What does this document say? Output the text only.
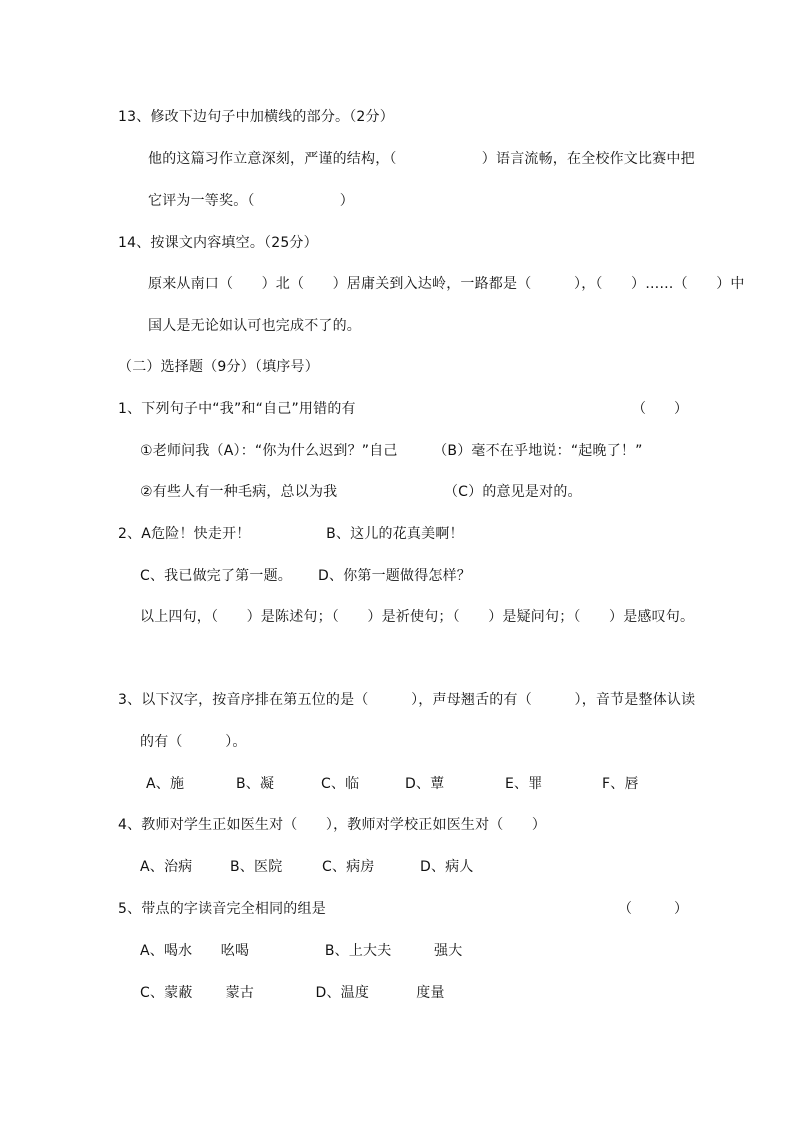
13、修改下边句子中加横线的部分。（2分）
他的这篇习作立意深刻，严谨的结构，（　　　　　　）语言流畅，在全校作文比赛中把
它评为一等奖。（　　　　　　）
14、按课文内容填空。（25分）
原来从南口（　　）北（　　）居庸关到入达岭，一路都是（　　　），（　　）……（　　）中
国人是无论如认可也完成不了的。
（二）选择题（9分）（填序号）
1、下列句子中“我”和“自己”用错的有	（　　）
①老师问我（A）：“你为什么迟到？”自己　　　（B）毫不在乎地说：“起晚了！”
②有些人有一种毛病，总以为我　　　　　　　　（C）的意见是对的。
2、A危险！快走开！　　　　　 B、这儿的花真美啊！
C、我已做完了第一题。　　 D、你第一题做得怎样？
以上四句，（　　）是陈述句；（　　）是祈使句；（　　）是疑问句；（　　）是感叹句。
3、以下汉字，按音序排在第五位的是（　　　），声母翘舌的有（　　　），音节是整体认读
的有（　　　）。
A、施	B、凝	C、临	D、蕈	E、罪	F、唇
4、教师对学生正如医生对（　　），教师对学校正如医生对（　　）
A、治病	B、医院	C、病房	D、病人
5、带点的字读音完全相同的组是	（　　　）
A、喝水　　吆喝　　　　　 B、上大夫　　　强大
C、蒙蔽　　 蒙古　　　　 D、温度　　　 度量
